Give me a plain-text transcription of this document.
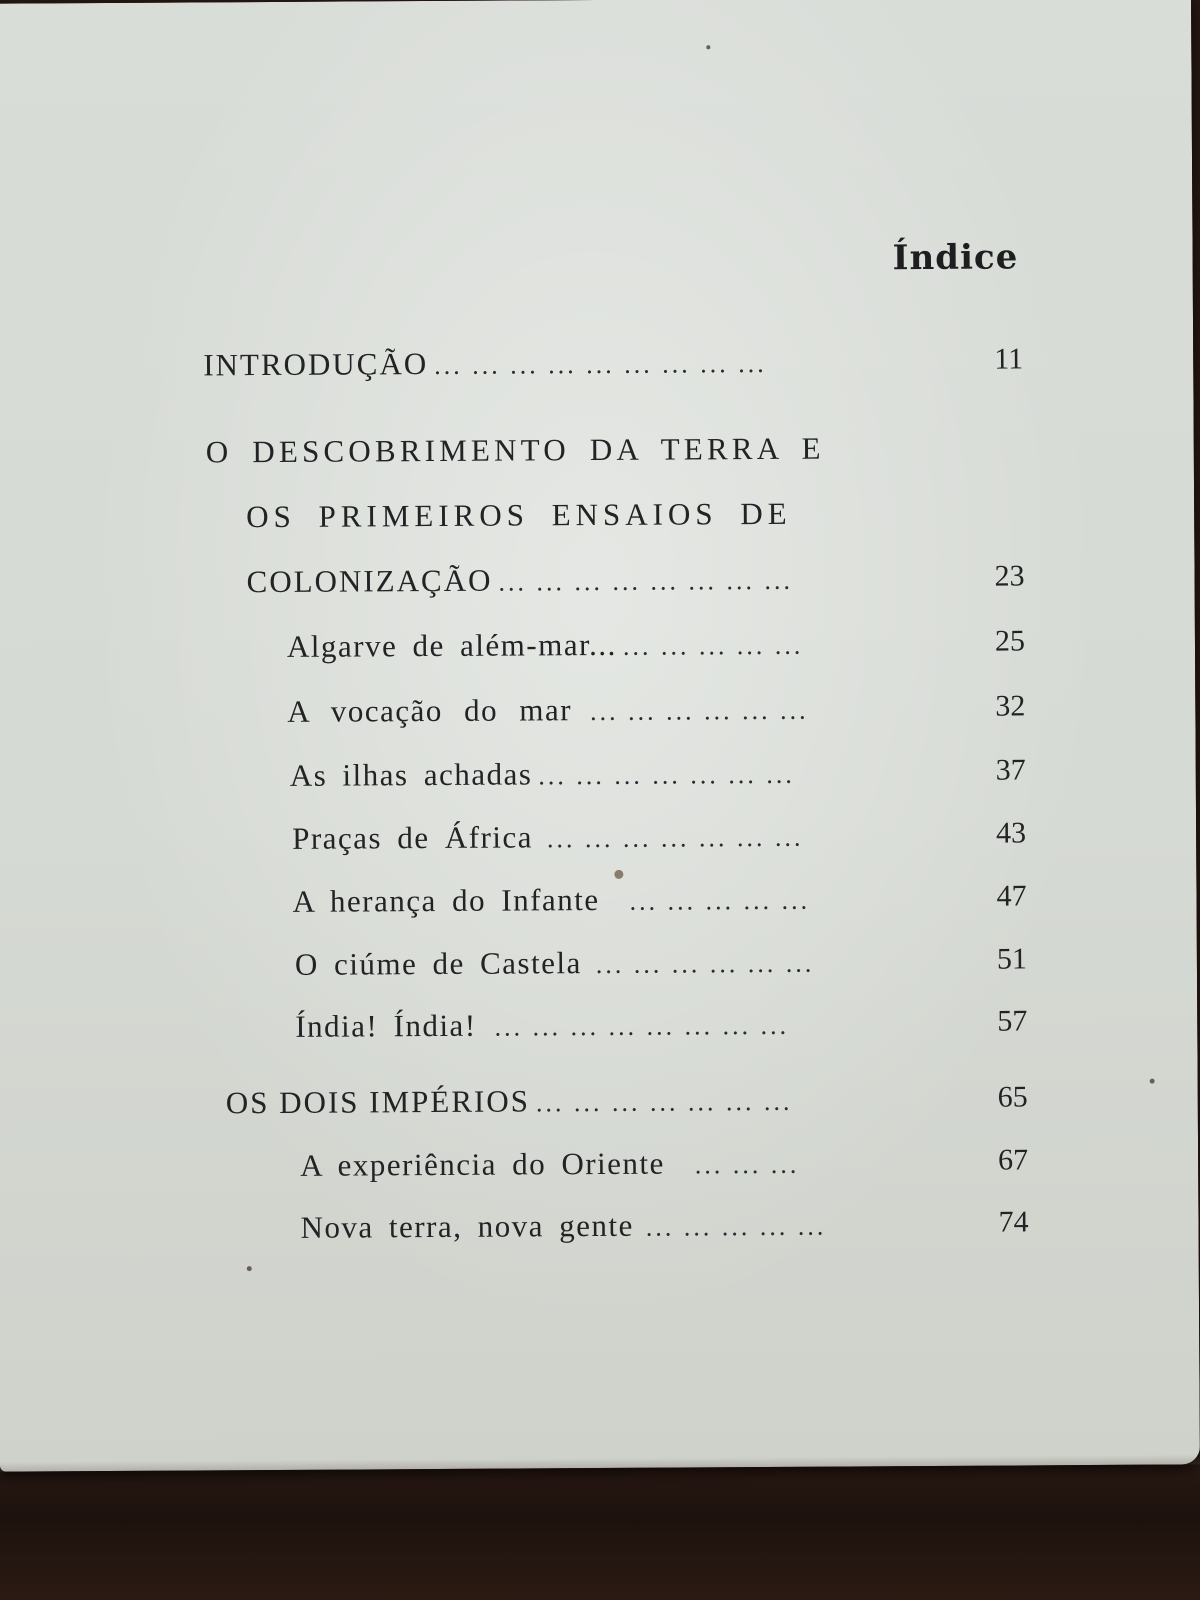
Índice
INTRODUÇÃO ... ... ... ... ... ... ... ... ...	11
O DESCOBRIMENTO DA TERRA E
OS PRIMEIROS ENSAIOS DE
COLONIZAÇÃO ... ... ... ... ... ... ... ...	23
Algarve de além-mar... ... ... ... ... ...	25
A vocação do mar ... ... ... ... ... ...	32
As ilhas achadas ... ... ... ... ... ... ...	37
Praças de África ... ... ... ... ... ... ...	43
A herança do Infante ... ... ... ... ...	47
O ciúme de Castela ... ... ... ... ... ...	51
Índia! Índia! ... ... ... ... ... ... ... ...	57
OS DOIS IMPÉRIOS ... ... ... ... ... ... ...	65
A experiência do Oriente ... ... ...	67
Nova terra, nova gente ... ... ... ... ...	74
